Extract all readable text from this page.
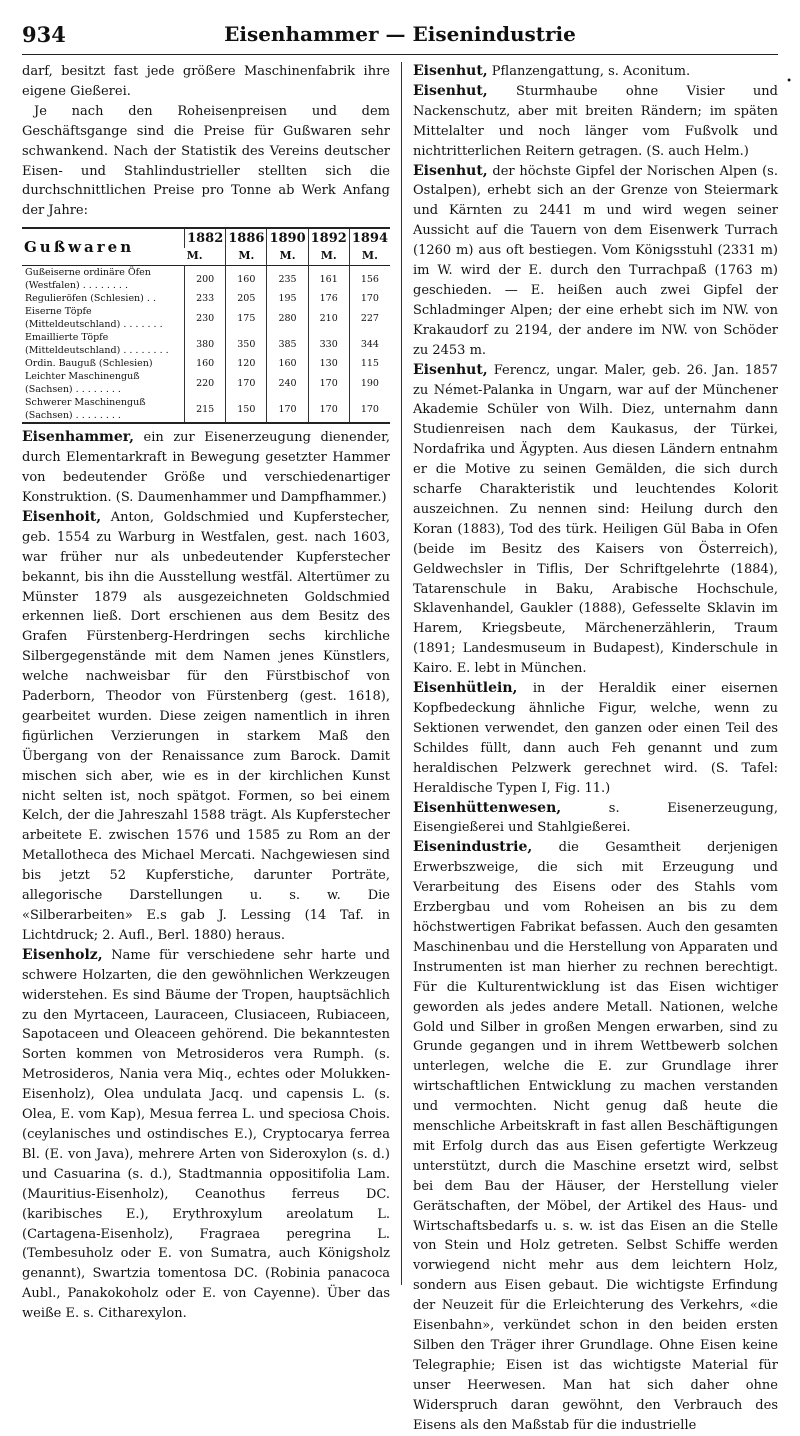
934	Eisenhammer — Eisenindustrie

darf, besitzt fast jede größere Maschinenfabrik ihre eigene Gießerei.

Je nach den Roheisenpreisen und dem Geschäftsgange sind die Preise für Gußwaren sehr schwankend. Nach der Statistik des Vereins deutscher Eisen- und Stahlindustrieller stellten sich die durchschnittlichen Preise pro Tonne ab Werk Anfang der Jahre:

Gußwaren	1882	1886	1890	1892	1894
	M.	M.	M.	M.	M.
Gußeiserne ordinäre Öfen (Westfalen) . . . . . . . .	200	160	235	161	156
Regulieröfen (Schlesien) . .	233	205	195	176	170
Eiserne Töpfe (Mitteldeutschland) . . . . . . .	230	175	280	210	227
Emaillierte Töpfe (Mitteldeutschland) . . . . . . . .	380	350	385	330	344
Ordin. Bauguß (Schlesien)	160	120	160	130	115
Leichter Maschinenguß (Sachsen) . . . . . . . .	220	170	240	170	190
Schwerer Maschinenguß (Sachsen) . . . . . . . .	215	150	170	170	170

Eisenhammer, ein zur Eisenerzeugung dienender, durch Elementarkraft in Bewegung gesetzter Hammer von bedeutender Größe und verschiedenartiger Konstruktion. (S. Daumenhammer und Dampfhammer.)

Eisenhoit, Anton, Goldschmied und Kupferstecher, geb. 1554 zu Warburg in Westfalen, gest. nach 1603, war früher nur als unbedeutender Kupferstecher bekannt, bis ihn die Ausstellung westfäl. Altertümer zu Münster 1879 als ausgezeichneten Goldschmied erkennen ließ. Dort erschienen aus dem Besitz des Grafen Fürstenberg-Herdringen sechs kirchliche Silbergegenstände mit dem Namen jenes Künstlers, welche nachweisbar für den Fürstbischof von Paderborn, Theodor von Fürstenberg (gest. 1618), gearbeitet wurden. Diese zeigen namentlich in ihren figürlichen Verzierungen in starkem Maß den Übergang von der Renaissance zum Barock. Damit mischen sich aber, wie es in der kirchlichen Kunst nicht selten ist, noch spätgot. Formen, so bei einem Kelch, der die Jahreszahl 1588 trägt. Als Kupferstecher arbeitete E. zwischen 1576 und 1585 zu Rom an der Metallotheca des Michael Mercati. Nachgewiesen sind bis jetzt 52 Kupferstiche, darunter Porträte, allegorische Darstellungen u. s. w. Die «Silberarbeiten» E.s gab J. Lessing (14 Taf. in Lichtdruck; 2. Aufl., Berl. 1880) heraus.

Eisenholz, Name für verschiedene sehr harte und schwere Holzarten, die den gewöhnlichen Werkzeugen widerstehen. Es sind Bäume der Tropen, hauptsächlich zu den Myrtaceen, Lauraceen, Clusiaceen, Rubiaceen, Sapotaceen und Oleaceen gehörend. Die bekanntesten Sorten kommen von Metrosideros vera Rumph. (s. Metrosideros, Nania vera Miq., echtes oder Molukken-Eisenholz), Olea undulata Jacq. und capensis L. (s. Olea, E. vom Kap), Mesua ferrea L. und speciosa Chois. (ceylanisches und ostindisches E.), Cryptocarya ferrea Bl. (E. von Java), mehrere Arten von Sideroxylon (s. d.) und Casuarina (s. d.), Stadtmannia oppositifolia Lam. (Mauritius-Eisenholz), Ceanothus ferreus DC. (karibisches E.), Erythroxylum areolatum L. (Cartagena-Eisenholz), Fragraea peregrina L. (Tembesuholz oder E. von Sumatra, auch Königsholz genannt), Swartzia tomentosa DC. (Robinia panacoca Aubl., Panakokoholz oder E. von Cayenne). Über das weiße E. s. Citharexylon.

•

Eisenhut, Pflanzengattung, s. Aconitum.

Eisenhut, Sturmhaube ohne Visier und Nackenschutz, aber mit breiten Rändern; im späten Mittelalter und noch länger vom Fußvolk und nichtritterlichen Reitern getragen. (S. auch Helm.)

Eisenhut, der höchste Gipfel der Norischen Alpen (s. Ostalpen), erhebt sich an der Grenze von Steiermark und Kärnten zu 2441 m und wird wegen seiner Aussicht auf die Tauern von dem Eisenwerk Turrach (1260 m) aus oft bestiegen. Vom Königsstuhl (2331 m) im W. wird der E. durch den Turrachpaß (1763 m) geschieden. — E. heißen auch zwei Gipfel der Schladminger Alpen; der eine erhebt sich im NW. von Krakaudorf zu 2194, der andere im NW. von Schöder zu 2453 m.

Eisenhut, Ferencz, ungar. Maler, geb. 26. Jan. 1857 zu Német-Palanka in Ungarn, war auf der Münchener Akademie Schüler von Wilh. Diez, unternahm dann Studienreisen nach dem Kaukasus, der Türkei, Nordafrika und Ägypten. Aus diesen Ländern entnahm er die Motive zu seinen Gemälden, die sich durch scharfe Charakteristik und leuchtendes Kolorit auszeichnen. Zu nennen sind: Heilung durch den Koran (1883), Tod des türk. Heiligen Gül Baba in Ofen (beide im Besitz des Kaisers von Österreich), Geldwechsler in Tiflis, Der Schriftgelehrte (1884), Tatarenschule in Baku, Arabische Hochschule, Sklavenhandel, Gaukler (1888), Gefesselte Sklavin im Harem, Kriegsbeute, Märchenerzählerin, Traum (1891; Landesmuseum in Budapest), Kinderschule in Kairo. E. lebt in München.

Eisenhütlein, in der Heraldik einer eisernen Kopfbedeckung ähnliche Figur, welche, wenn zu Sektionen verwendet, den ganzen oder einen Teil des Schildes füllt, dann auch Feh genannt und zum heraldischen Pelzwerk gerechnet wird. (S. Tafel: Heraldische Typen I, Fig. 11.)

Eisenhüttenwesen,	s. Eisenerzeugung, Eisengießerei und Stahlgießerei.

Eisenindustrie, die Gesamtheit derjenigen Erwerbszweige, die sich mit Erzeugung und Verarbeitung des Eisens oder des Stahls vom Erzbergbau und vom Roheisen an bis zu dem höchstwertigen Fabrikat befassen. Auch den gesamten Maschinenbau und die Herstellung von Apparaten und Instrumenten ist man hierher zu rechnen berechtigt. Für die Kulturentwicklung ist das Eisen wichtiger geworden als jedes andere Metall. Nationen, welche Gold und Silber in großen Mengen erwarben, sind zu Grunde gegangen und in ihrem Wettbewerb solchen unterlegen, welche die E. zur Grundlage ihrer wirtschaftlichen Entwicklung zu machen verstanden und vermochten. Nicht genug daß heute die menschliche Arbeitskraft in fast allen Beschäftigungen mit Erfolg durch das aus Eisen gefertigte Werkzeug unterstützt, durch die Maschine ersetzt wird, selbst bei dem Bau der Häuser, der Herstellung vieler Gerätschaften, der Möbel, der Artikel des Haus- und Wirtschaftsbedarfs u. s. w. ist das Eisen an die Stelle von Stein und Holz getreten. Selbst Schiffe werden vorwiegend nicht mehr aus dem leichtern Holz, sondern aus Eisen gebaut. Die wichtigste Erfindung der Neuzeit für die Erleichterung des Verkehrs, «die Eisenbahn», verkündet schon in den beiden ersten Silben den Träger ihrer Grundlage. Ohne Eisen keine Telegraphie; Eisen ist das wichtigste Material für unser Heerwesen. Man hat sich daher ohne Widerspruch daran gewöhnt, den Verbrauch des Eisens als den Maßstab für die industrielle
